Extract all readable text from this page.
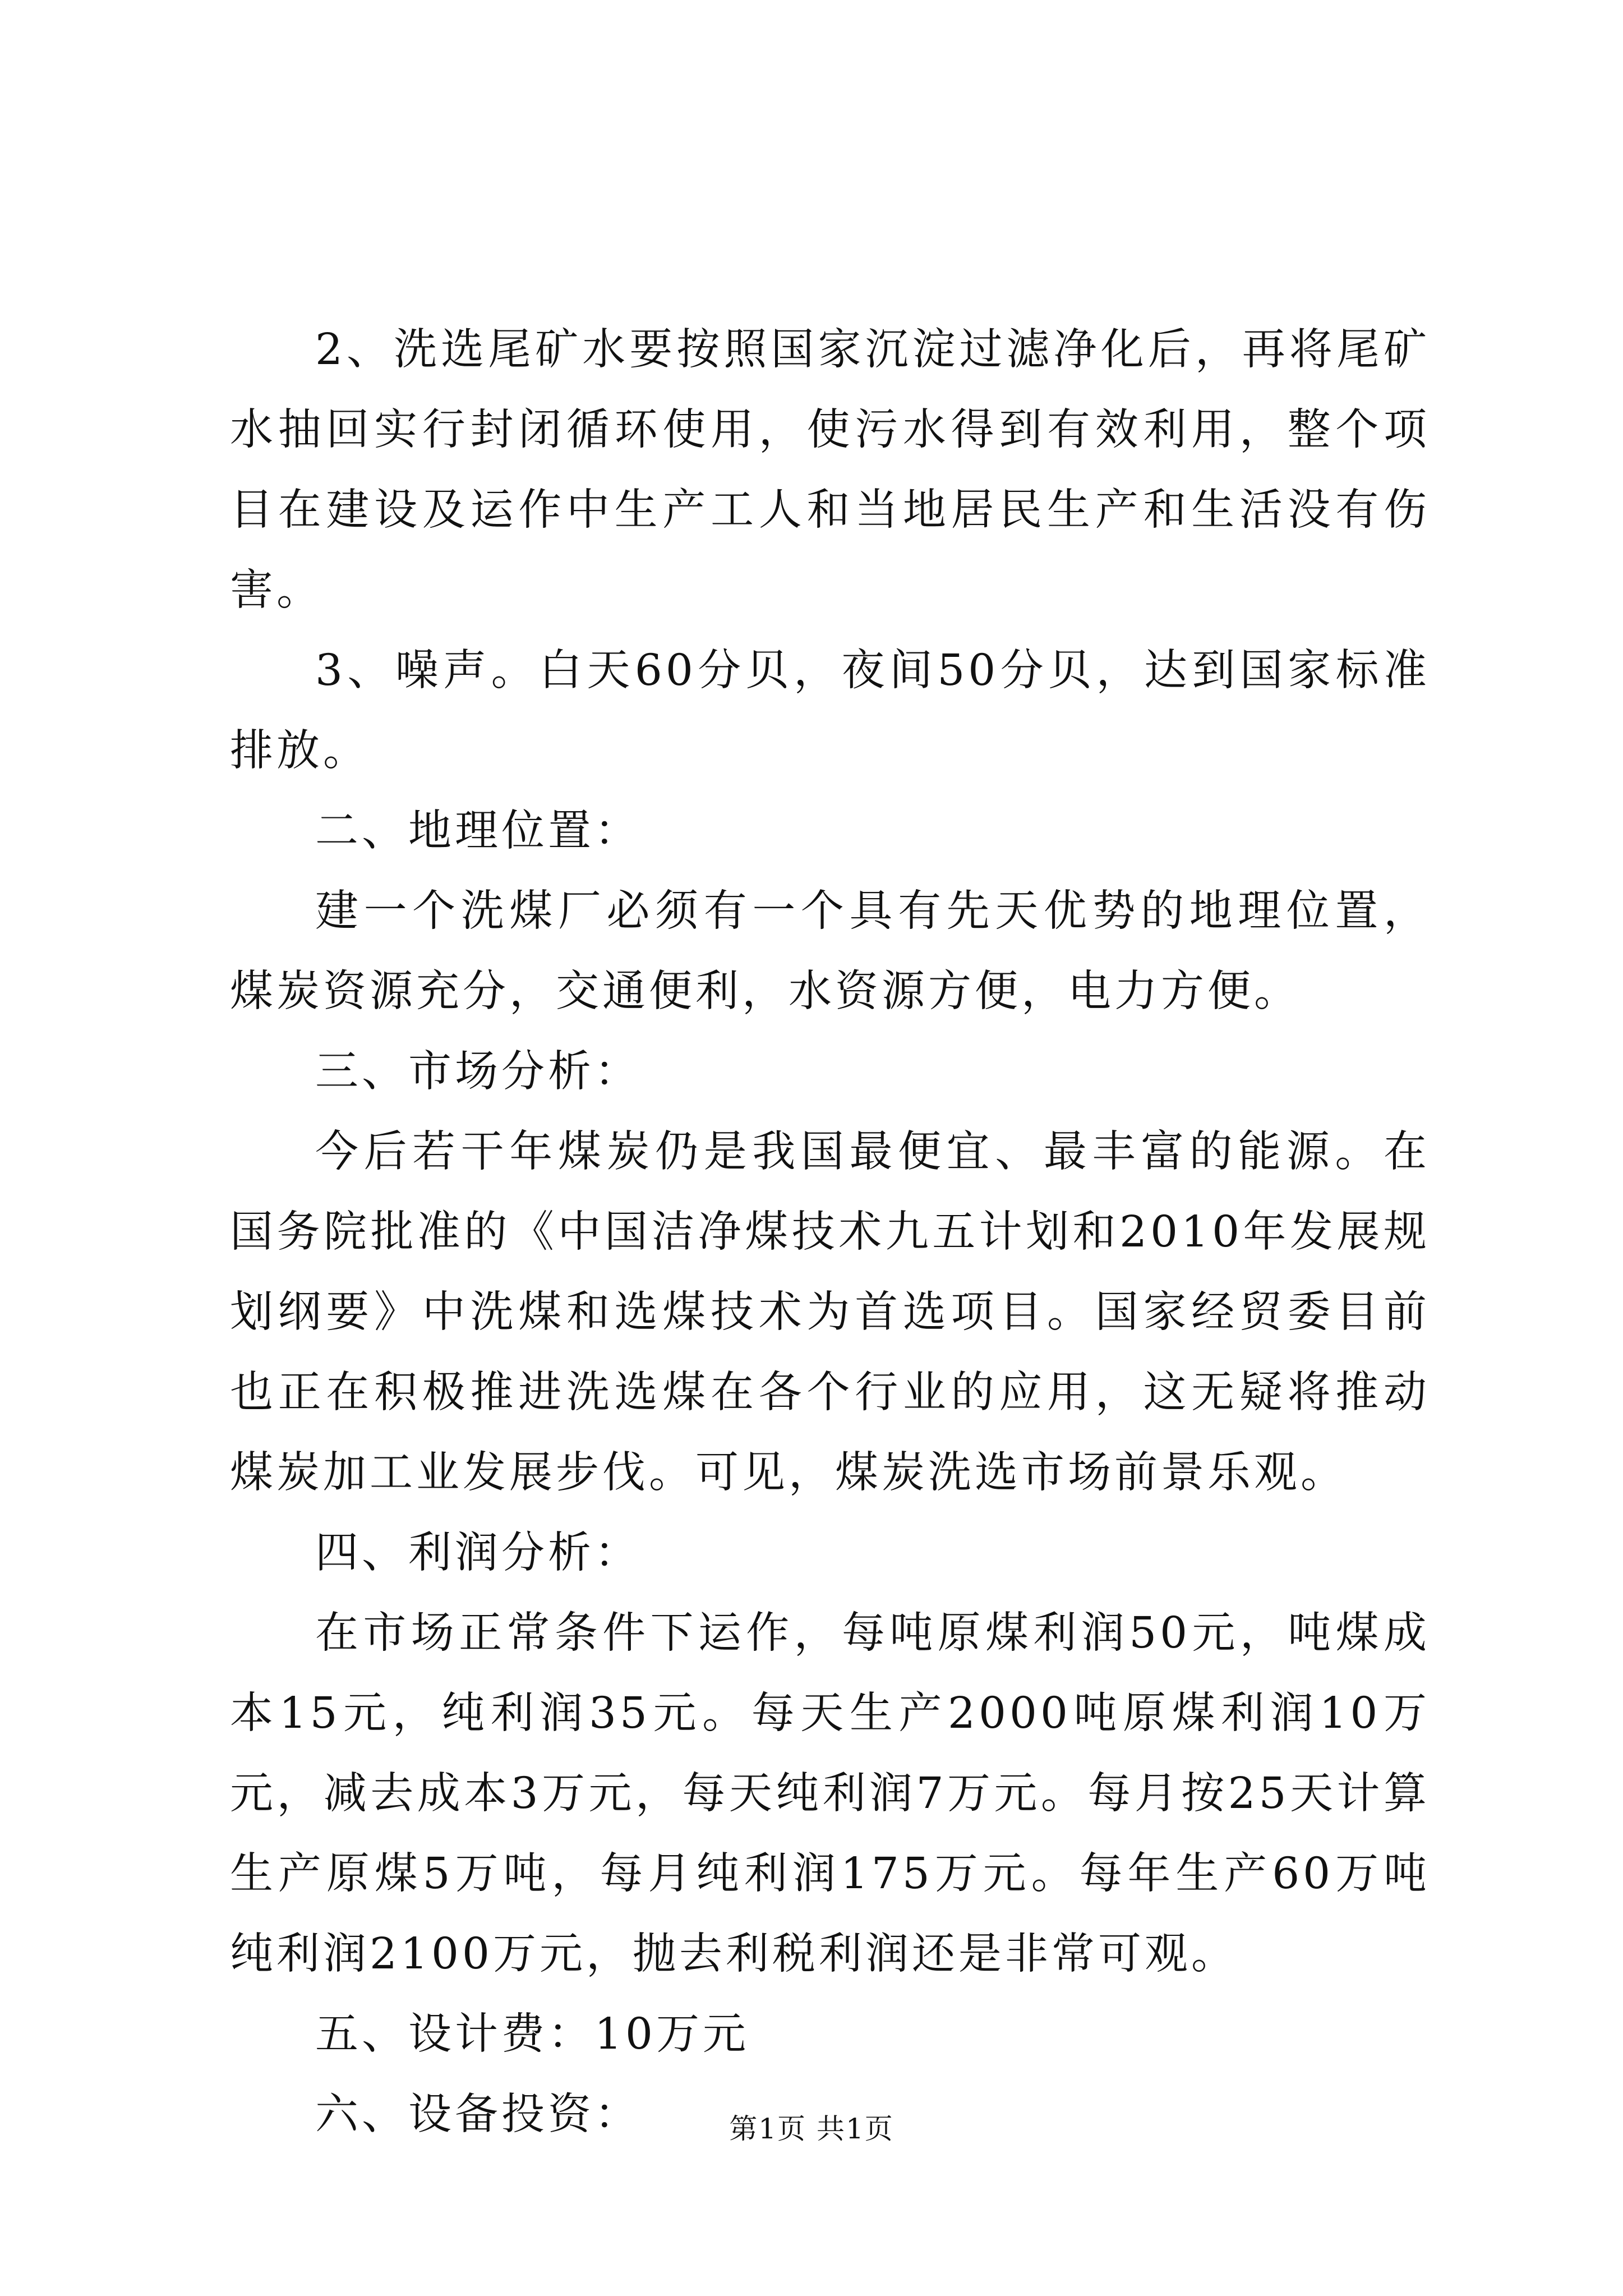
2、洗选尾矿水要按照国家沉淀过滤净化后，再将尾矿水抽回实行封闭循环使用，使污水得到有效利用，整个项目在建设及运作中生产工人和当地居民生产和生活没有伤害。

3、噪声。白天60分贝，夜间50分贝，达到国家标准排放。

二、地理位置：

建一个洗煤厂必须有一个具有先天优势的地理位置，煤炭资源充分，交通便利，水资源方便，电力方便。

三、市场分析：

今后若干年煤炭仍是我国最便宜、最丰富的能源。在国务院批准的《中国洁净煤技术九五计划和2010年发展规划纲要》中洗煤和选煤技术为首选项目。国家经贸委目前也正在积极推进洗选煤在各个行业的应用，这无疑将推动煤炭加工业发展步伐。可见，煤炭洗选市场前景乐观。

四、利润分析：

在市场正常条件下运作，每吨原煤利润50元，吨煤成本15元，纯利润35元。每天生产2000吨原煤利润10万元，减去成本3万元，每天纯利润7万元。每月按25天计算生产原煤5万吨，每月纯利润175万元。每年生产60万吨纯利润2100万元，抛去利税利润还是非常可观。

五、设计费：10万元

六、设备投资：	第1页 共1页
